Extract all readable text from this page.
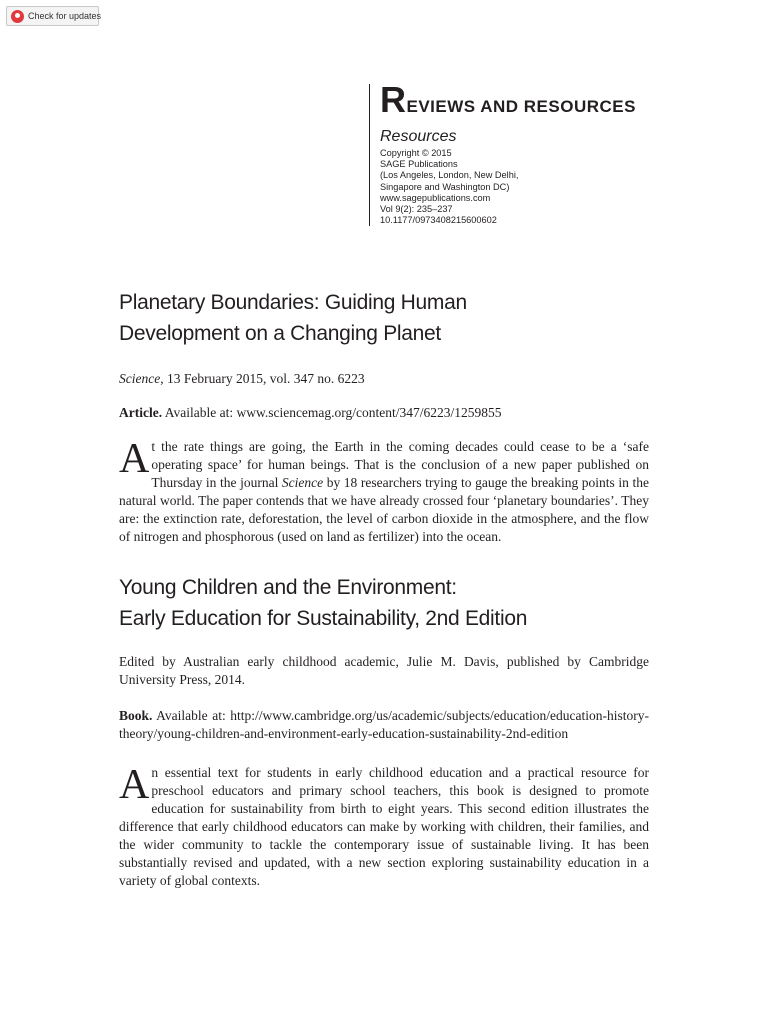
Check for updates

REVIEWS AND RESOURCES

Resources

Copyright © 2015
SAGE Publications
(Los Angeles, London, New Delhi,
Singapore and Washington DC)
www.sagepublications.com
Vol 9(2): 235–237
10.1177/0973408215600602
Planetary Boundaries: Guiding Human
Development on a Changing Planet

Science, 13 February 2015, vol. 347 no. 6223

Article. Available at: www.sciencemag.org/content/347/6223/1259855

At the rate things are going, the Earth in the coming decades could cease to be a ‘safe operating space’ for human beings. That is the conclusion of a new paper published on Thursday in the journal Science by 18 researchers trying to gauge the breaking points in the natural world. The paper contends that we have already crossed four ‘planetary boundaries’. They are: the extinction rate, deforestation, the level of carbon dioxide in the atmosphere, and the flow of nitrogen and phosphorous (used on land as fertilizer) into the ocean.

Young Children and the Environment:
Early Education for Sustainability, 2nd Edition

Edited by Australian early childhood academic, Julie M. Davis, published by Cambridge University Press, 2014.

Book. Available at: http://www.cambridge.org/us/academic/subjects/education/education-history-theory/young-children-and-environment-early-education-sustainability-2nd-edition

An essential text for students in early childhood education and a practical resource for preschool educators and primary school teachers, this book is designed to promote education for sustainability from birth to eight years. This second edition illustrates the difference that early childhood educators can make by working with children, their families, and the wider community to tackle the contemporary issue of sustainable living. It has been substantially revised and updated, with a new section exploring sustainability education in a variety of global contexts.
